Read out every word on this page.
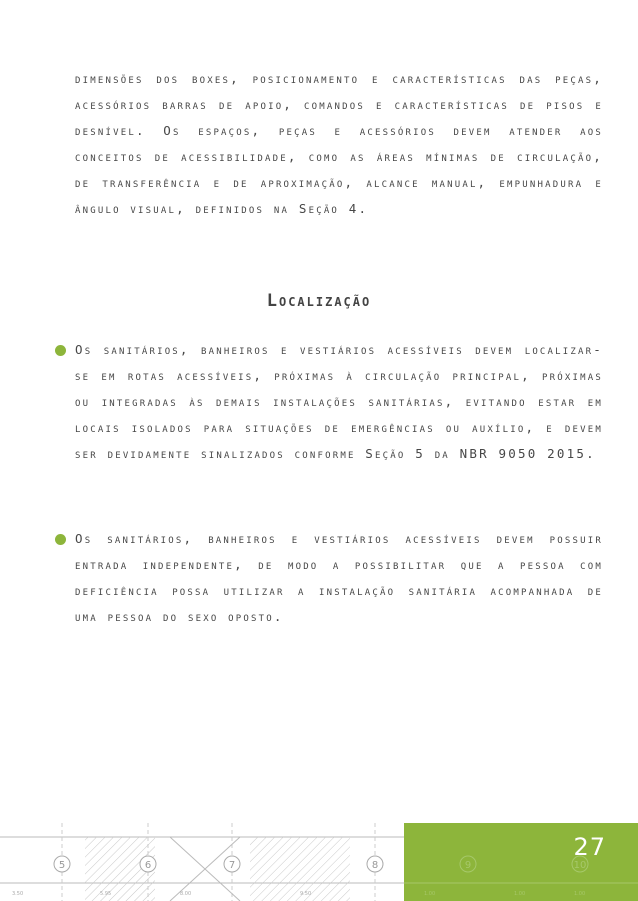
dimensões dos boxes, posicionamento e características das peças, acessórios barras de apoio, comandos e características de pisos e desnível. Os espaços, peças e acessórios devem atender aos conceitos de acessibilidade, como as áreas mínimas de circulação, de transferência e de aproximação, alcance manual, empunhadura e ângulo visual, definidos na Seção 4.
Localização
Os sanitários, banheiros e vestiários acessíveis devem localizar-se em rotas acessíveis, próximas à circulação principal, próximas ou integradas às demais instalações sanitárias, evitando estar em locais isolados para situações de emergências ou auxílio, e devem ser devidamente sinalizados conforme Seção 5 da NBR 9050 2015.
Os sanitários, banheiros e vestiários acessíveis devem possuir entrada independente, de modo a possibilitar que a pessoa com deficiência possa utilizar a instalação sanitária acompanhada de uma pessoa do sexo oposto.
5	6	7	8
3.50	5.95	8.00	9.50
9	10
1.00	1.00	1.00
27
